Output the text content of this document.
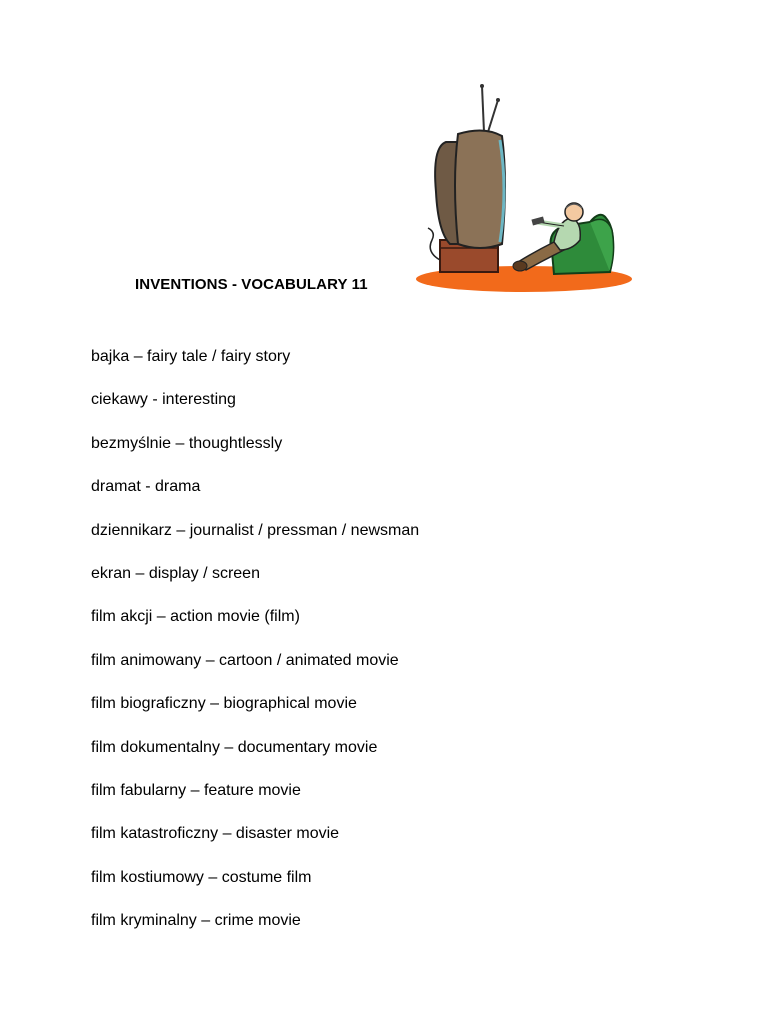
INVENTIONS - VOCABULARY 11
bajka – fairy tale / fairy story
ciekawy - interesting
bezmyślnie – thoughtlessly
dramat - drama
dziennikarz – journalist / pressman / newsman
ekran – display / screen
film akcji – action movie (film)
film animowany – cartoon / animated movie
film biograficzny – biographical movie
film dokumentalny – documentary movie
film fabularny – feature movie
film katastroficzny – disaster movie
film kostiumowy – costume film
film kryminalny – crime movie
